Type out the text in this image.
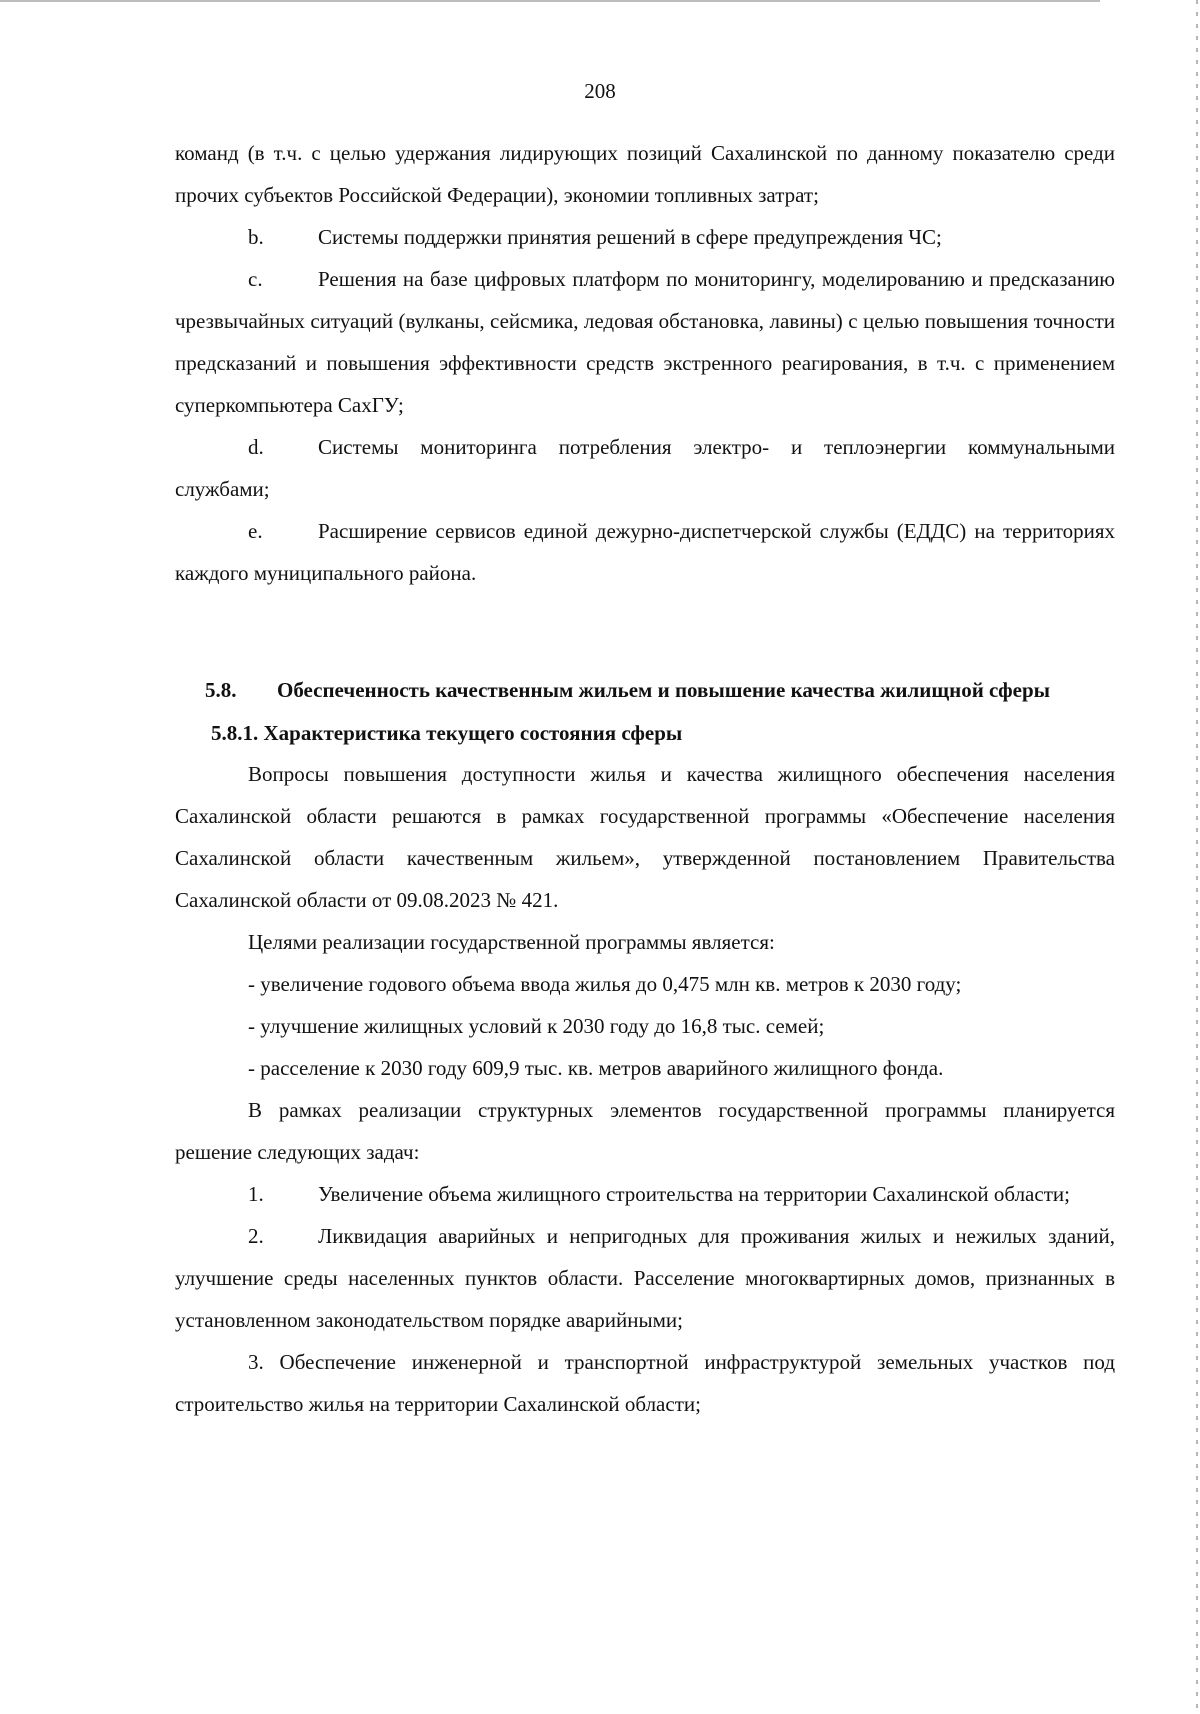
208

команд (в т.ч. с целью удержания лидирующих позиций Сахалинской по данному показателю среди прочих субъектов Российской Федерации), экономии топливных затрат;

b.	Системы поддержки принятия решений в сфере предупреждения ЧС;

c.	Решения на базе цифровых платформ по мониторингу, моделированию и предсказанию чрезвычайных ситуаций (вулканы, сейсмика, ледовая обстановка, лавины) с целью повышения точности предсказаний и повышения эффективности средств экстренного реагирования, в т.ч. с применением суперкомпьютера СахГУ;

d.	Системы мониторинга потребления электро- и теплоэнергии коммунальными службами;

e.	Расширение сервисов единой дежурно-диспетчерской службы (ЕДДС) на территориях каждого муниципального района.

5.8. Обеспеченность качественным жильем и повышение качества жилищной сферы
5.8.1. Характеристика текущего состояния сферы

Вопросы повышения доступности жилья и качества жилищного обеспечения населения Сахалинской области решаются в рамках государственной программы «Обеспечение населения Сахалинской области качественным жильем», утвержденной постановлением Правительства Сахалинской области от 09.08.2023 № 421.

Целями реализации государственной программы является:

- увеличение годового объема ввода жилья до 0,475 млн кв. метров к 2030 году;

- улучшение жилищных условий к 2030 году до 16,8 тыс. семей;

- расселение к 2030 году 609,9 тыс. кв. метров аварийного жилищного фонда.

В рамках реализации структурных элементов государственной программы планируется решение следующих задач:

1.	Увеличение объема жилищного строительства на территории Сахалинской области;

2.	Ликвидация аварийных и непригодных для проживания жилых и нежилых зданий, улучшение среды населенных пунктов области. Расселение многоквартирных домов, признанных в установленном законодательством порядке аварийными;

3. Обеспечение инженерной и транспортной инфраструктурой земельных участков под строительство жилья на территории Сахалинской области;
